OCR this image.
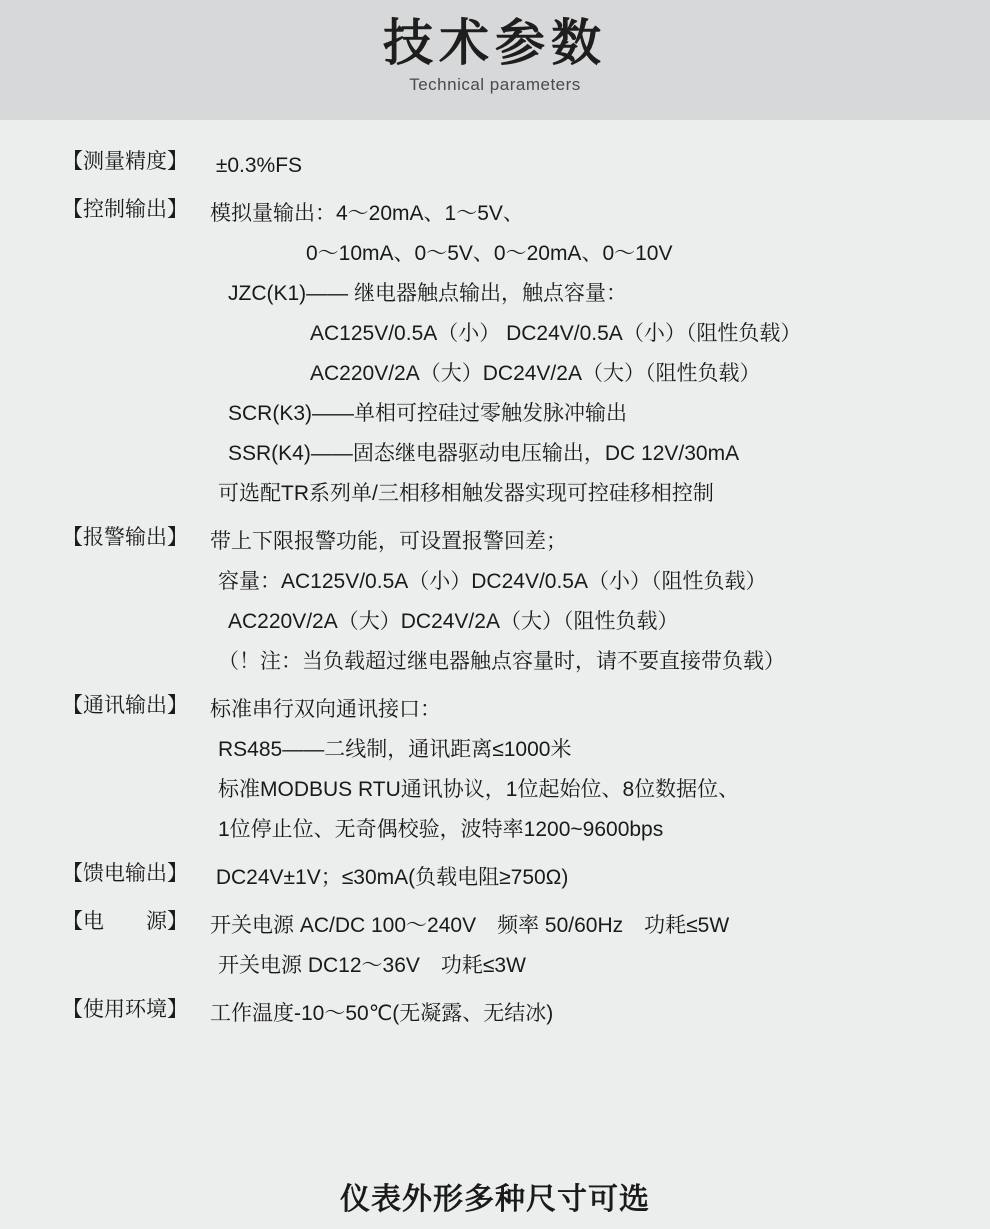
技术参数
Technical parameters
【测量精度】	±0.3%FS
【控制输出】	模拟量输出：4～20mA、1～5V、
0～10mA、0～5V、0～20mA、0～10V
JZC(K1)—— 继电器触点输出，触点容量：
AC125V/0.5A（小） DC24V/0.5A（小）（阻性负载）
AC220V/2A（大）DC24V/2A（大）（阻性负载）
SCR(K3)——单相可控硅过零触发脉冲输出
SSR(K4)——固态继电器驱动电压输出，DC 12V/30mA
可选配TR系列单/三相移相触发器实现可控硅移相控制
【报警输出】	带上下限报警功能，可设置报警回差；
容量：AC125V/0.5A（小）DC24V/0.5A（小）（阻性负载）
AC220V/2A（大）DC24V/2A（大）（阻性负载）
（！注：当负载超过继电器触点容量时，请不要直接带负载）
【通讯输出】	标准串行双向通讯接口：
RS485——二线制，通讯距离≤1000米
标准MODBUS RTU通讯协议，1位起始位、8位数据位、
1位停止位、无奇偶校验，波特率1200~9600bps
【馈电输出】	DC24V±1V；≤30mA(负载电阻≥750Ω)
【电　　源】	开关电源 AC/DC 100～240V　频率 50/60Hz　功耗≤5W
开关电源 DC12～36V　功耗≤3W
【使用环境】	工作温度-10～50℃(无凝露、无结冰)
仪表外形多种尺寸可选
